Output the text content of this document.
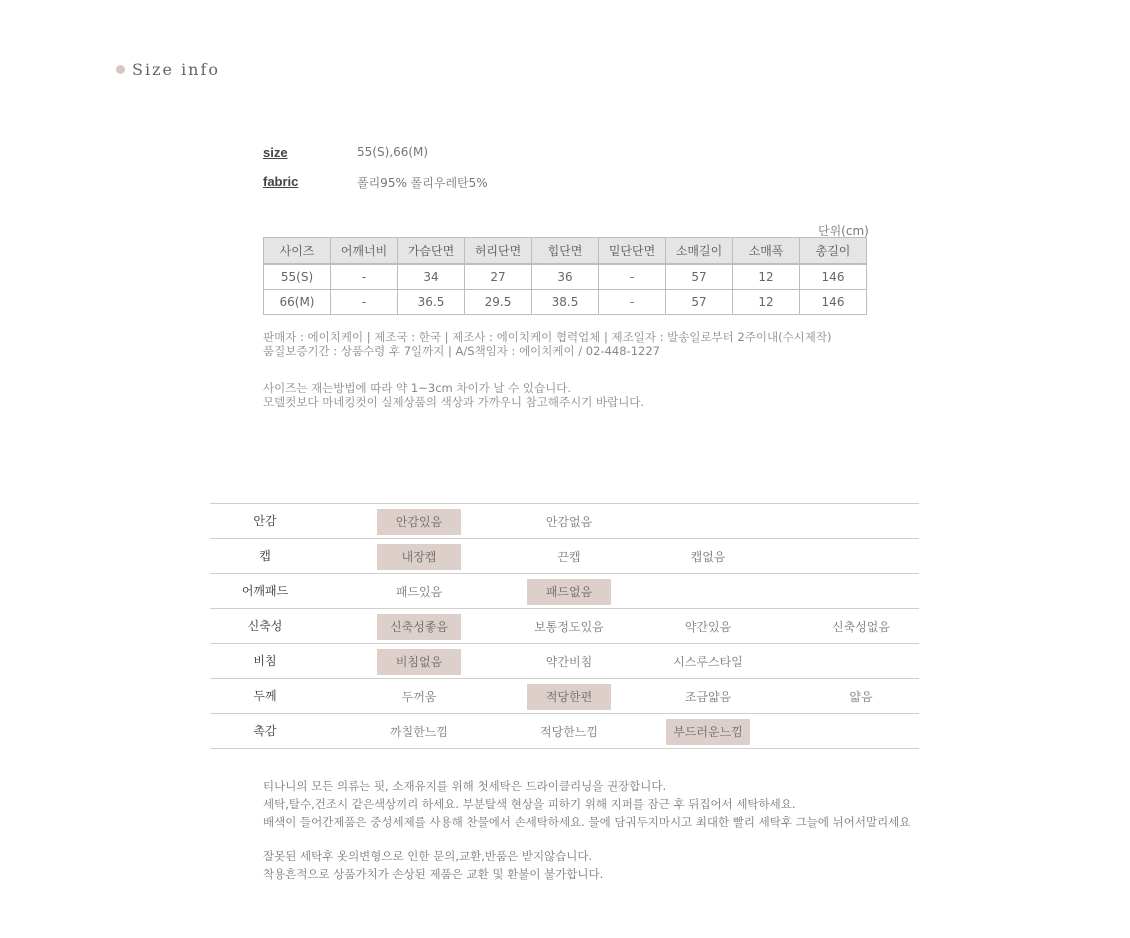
Size info
size	55(S),66(M)
fabric	폴리95% 폴리우레탄5%
단위(cm)
사이즈	어깨너비	가슴단면	허리단면	힙단면	밑단단면	소매길이	소매폭	총길이
55(S)	-	34	27	36	-	57	12	146
66(M)	-	36.5	29.5	38.5	-	57	12	146
판매자 : 에이치케이 | 제조국 : 한국 | 제조사 : 에이치케이 협력업체 | 제조일자 : 발송일로부터 2주이내(수시제작)
품질보증기간 : 상품수령 후 7일까지 | A/S책임자 : 에이치케이 / 02-448-1227
사이즈는 재는방법에 따라 약 1~3cm 차이가 날 수 있습니다.
모델컷보다 마네킹컷이 실제상품의 색상과 가까우니 참고해주시기 바랍니다.
안감	안감있음	안감없음
캡	내장캡	끈캡	캡없음
어깨패드	패드있음	패드없음
신축성	신축성좋음	보통정도있음	약간있음	신축성없음
비침	비침없음	약간비침	시스루스타일
두께	두꺼움	적당한편	조금얇음	얇음
촉감	까칠한느낌	적당한느낌	부드러운느낌
티나니의 모든 의류는 핏, 소재유지를 위해 첫세탁은 드라이클리닝을 권장합니다.
세탁,탈수,건조시 같은색상끼리 하세요. 부분탈색 현상을 피하기 위해 지퍼를 잠근 후 뒤집어서 세탁하세요.
배색이 들어간제품은 중성세제를 사용해 찬물에서 손세탁하세요. 물에 담궈두지마시고 최대한 빨리 세탁후 그늘에 뉘어서말리세요
잘못된 세탁후 옷의변형으로 인한 문의,교환,반품은 받지않습니다.
착용흔적으로 상품가치가 손상된 제품은 교환 및 환불이 불가합니다.
